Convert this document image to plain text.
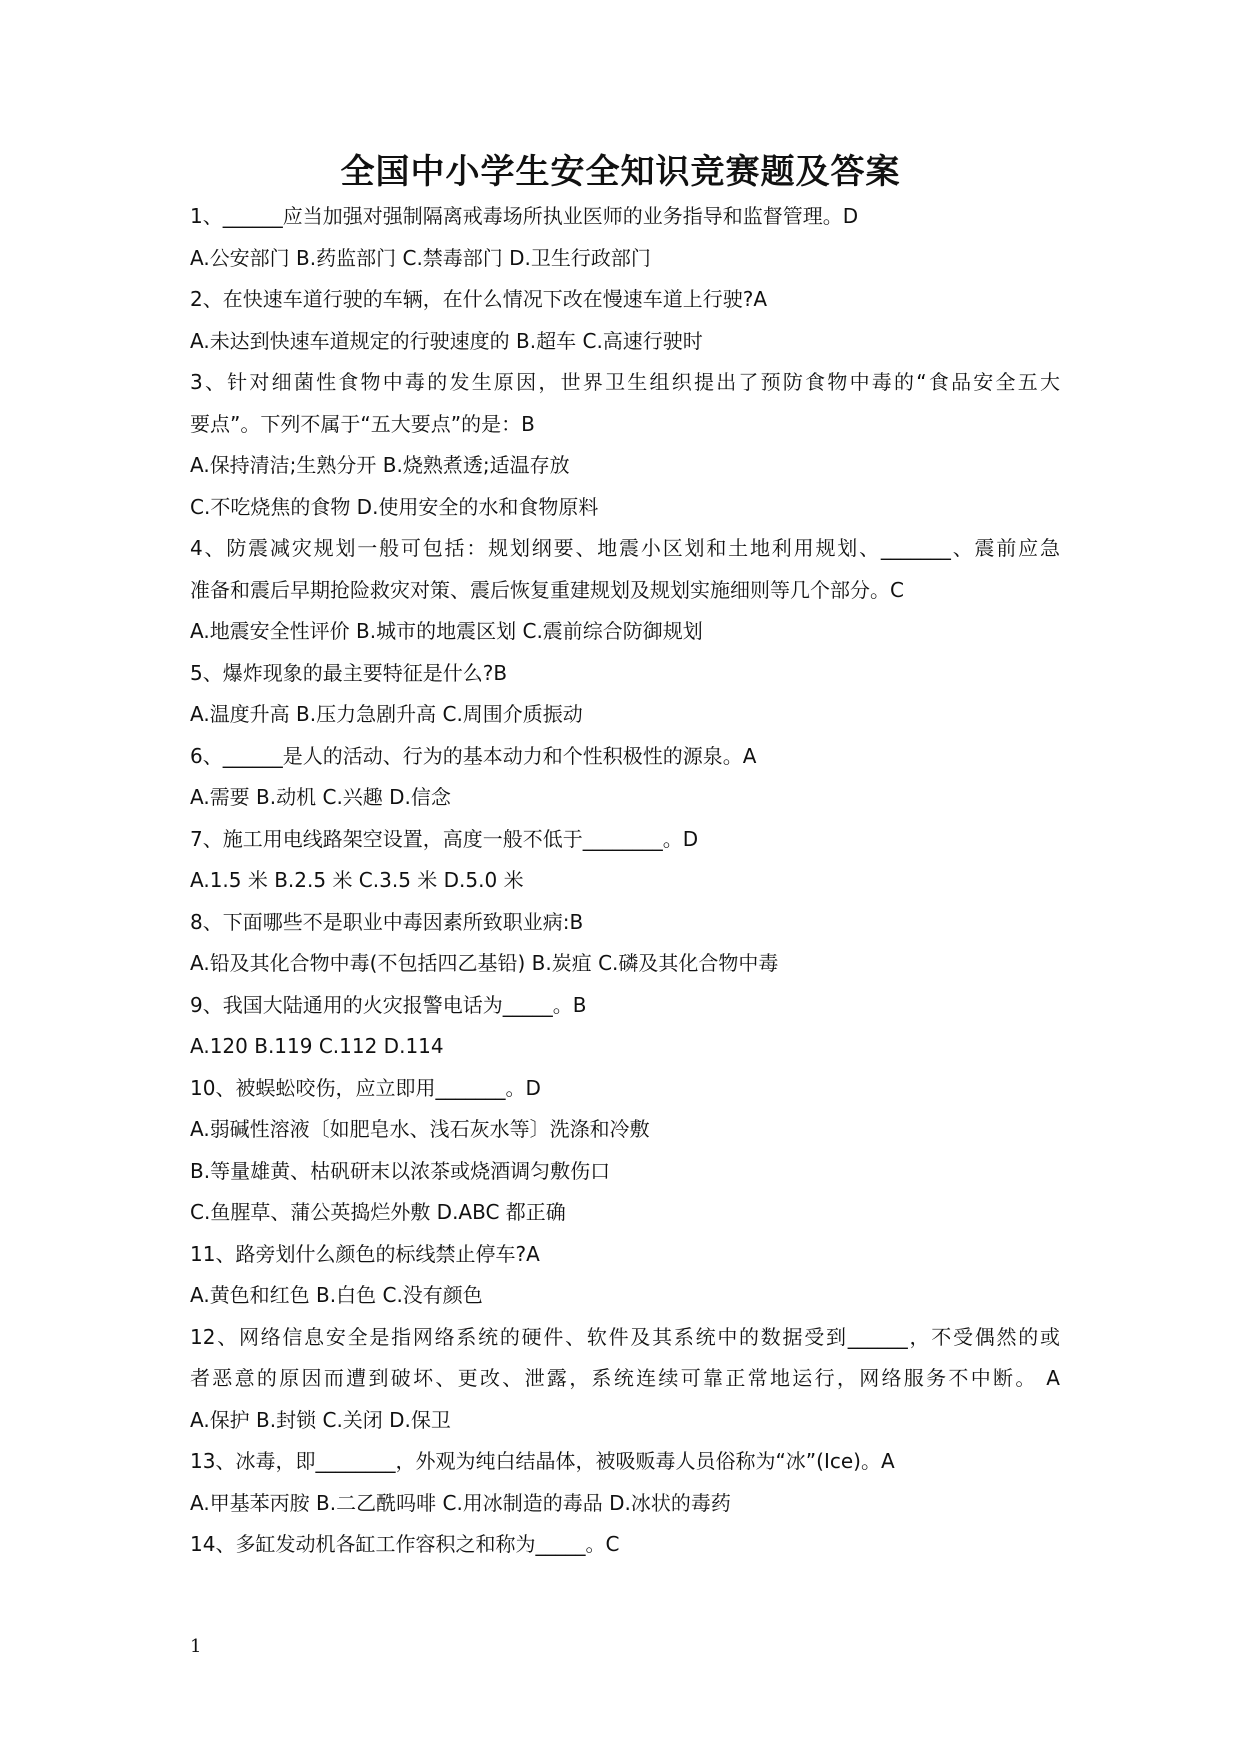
全国中小学生安全知识竞赛题及答案
1、______应当加强对强制隔离戒毒场所执业医师的业务指导和监督管理。D
A.公安部门 B.药监部门 C.禁毒部门 D.卫生行政部门
2、在快速车道行驶的车辆，在什么情况下改在慢速车道上行驶?A
A.未达到快速车道规定的行驶速度的 B.超车 C.高速行驶时
3、针对细菌性食物中毒的发生原因，世界卫生组织提出了预防食物中毒的“食品安全五大
要点”。下列不属于“五大要点”的是：B
A.保持清洁;生熟分开 B.烧熟煮透;适温存放
C.不吃烧焦的食物 D.使用安全的水和食物原料
4、防震减灾规划一般可包括：规划纲要、地震小区划和土地利用规划、_______、震前应急
准备和震后早期抢险救灾对策、震后恢复重建规划及规划实施细则等几个部分。C
A.地震安全性评价 B.城市的地震区划 C.震前综合防御规划
5、爆炸现象的最主要特征是什么?B
A.温度升高 B.压力急剧升高 C.周围介质振动
6、______是人的活动、行为的基本动力和个性积极性的源泉。A
A.需要 B.动机 C.兴趣 D.信念
7、施工用电线路架空设置，高度一般不低于________。D
A.1.5 米 B.2.5 米 C.3.5 米 D.5.0 米
8、下面哪些不是职业中毒因素所致职业病:B
A.铅及其化合物中毒(不包括四乙基铅) B.炭疽 C.磷及其化合物中毒
9、我国大陆通用的火灾报警电话为_____。B
A.120 B.119 C.112 D.114
10、被蜈蚣咬伤，应立即用_______。D
A.弱碱性溶液〔如肥皂水、浅石灰水等〕洗涤和冷敷
B.等量雄黄、枯矾研末以浓茶或烧酒调匀敷伤口
C.鱼腥草、蒲公英捣烂外敷 D.ABC 都正确
11、路旁划什么颜色的标线禁止停车?A
A.黄色和红色 B.白色 C.没有颜色
12、网络信息安全是指网络系统的硬件、软件及其系统中的数据受到______，不受偶然的或
者恶意的原因而遭到破坏、更改、泄露，系统连续可靠正常地运行，网络服务不中断。 A
A.保护 B.封锁 C.关闭 D.保卫
13、冰毒，即________，外观为纯白结晶体，被吸贩毒人员俗称为“冰”(Ice)。A
A.甲基苯丙胺 B.二乙酰吗啡 C.用冰制造的毒品 D.冰状的毒药
14、多缸发动机各缸工作容积之和称为_____。C
1
